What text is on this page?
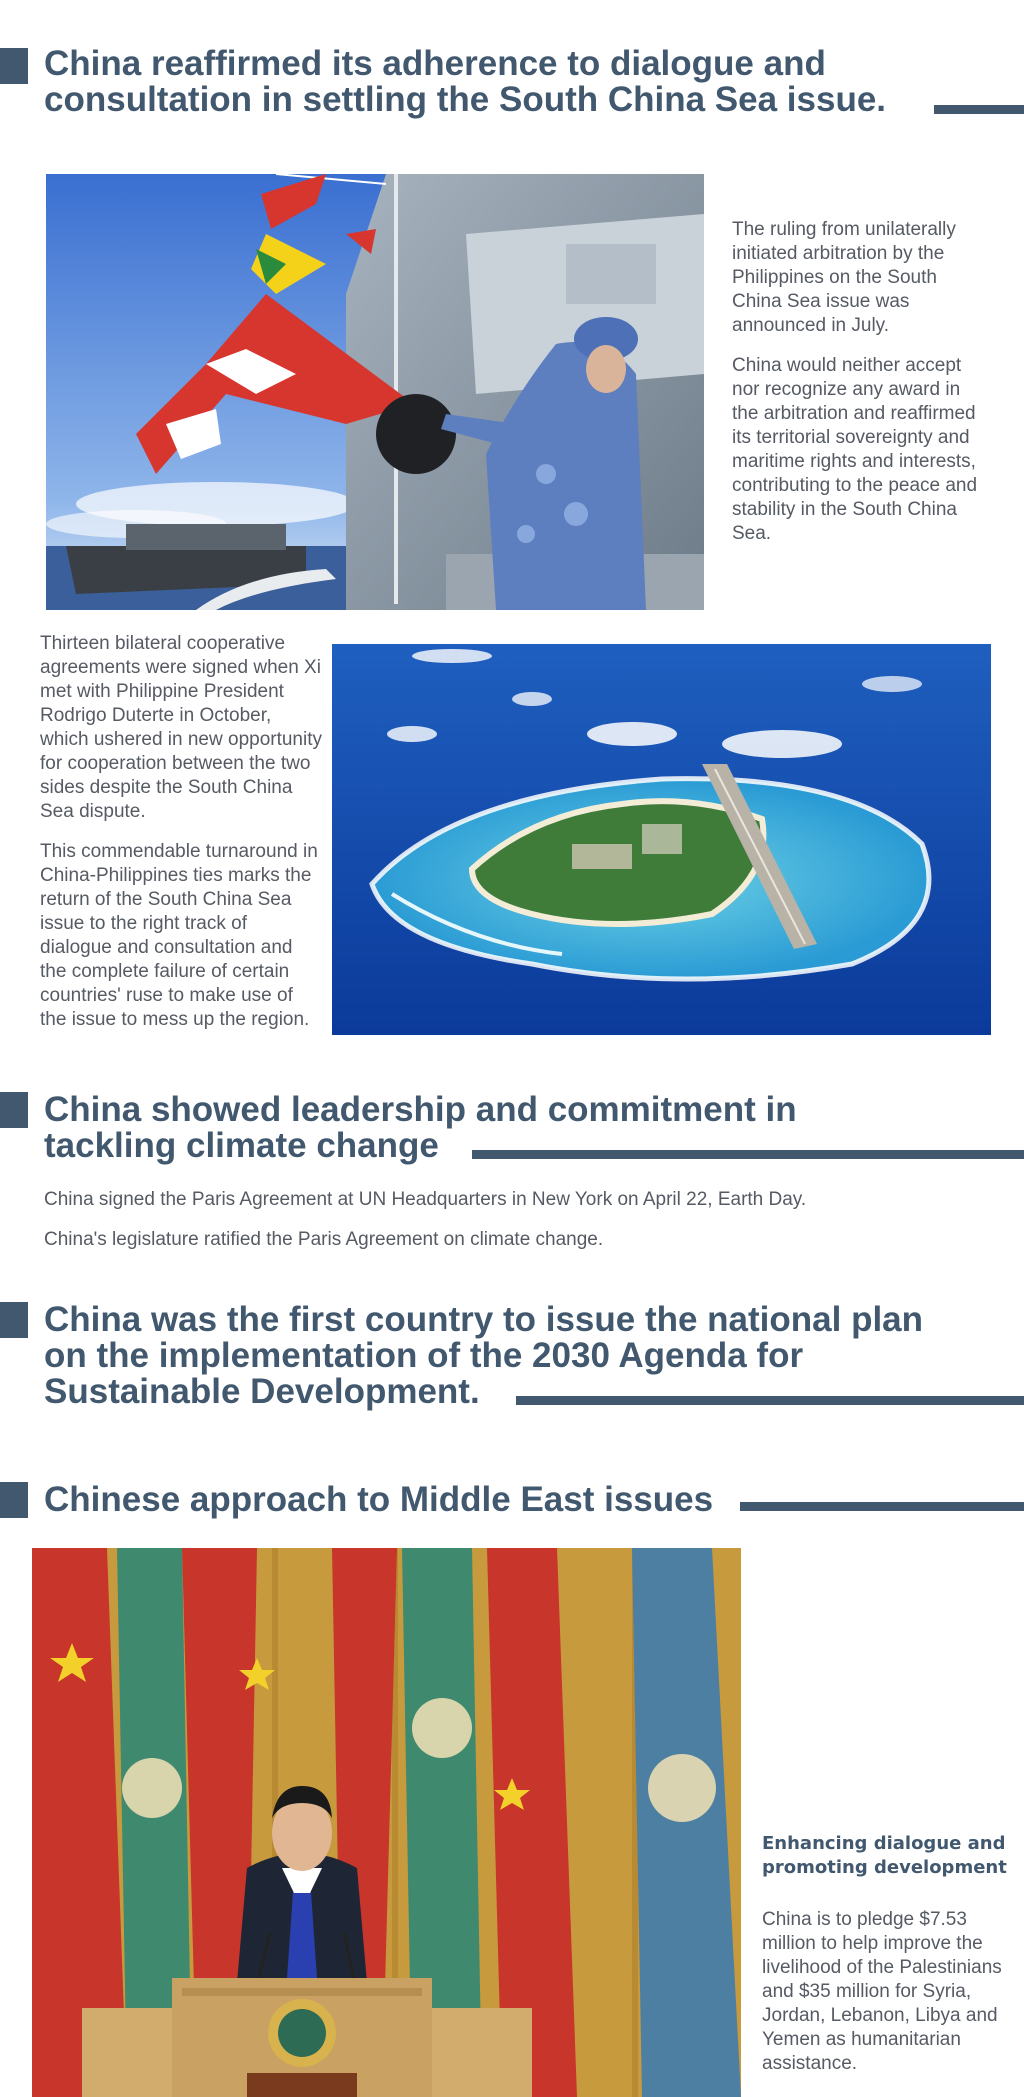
China reaffirmed its adherence to dialogue and
consultation in settling the South China Sea issue.

The ruling from unilaterally initiated arbitration by the Philippines on the South China Sea issue was announced in July.

China would neither accept nor recognize any award in the arbitration and reaffirmed its territorial sovereignty and maritime rights and interests, contributing to the peace and stability in the South China Sea.

Thirteen bilateral cooperative agreements were signed when Xi met with Philippine President Rodrigo Duterte in October, which ushered in new opportunity for cooperation between the two sides despite the South China Sea dispute.

This commendable turnaround in China-Philippines ties marks the return of the South China Sea issue to the right track of dialogue and consultation and the complete failure of certain countries' ruse to make use of the issue to mess up the region.

China showed leadership and commitment in
tackling climate change
China signed the Paris Agreement at UN Headquarters in New York on April 22, Earth Day.
China's legislature ratified the Paris Agreement on climate change.
China was the first country to issue the national plan
on the implementation of the 2030 Agenda for
Sustainable Development.
Chinese approach to Middle East issues
Enhancing dialogue and promoting development

China is to pledge $7.53 million to help improve the livelihood of the Palestinians and $35 million for Syria, Jordan, Lebanon, Libya and Yemen as humanitarian assistance.
